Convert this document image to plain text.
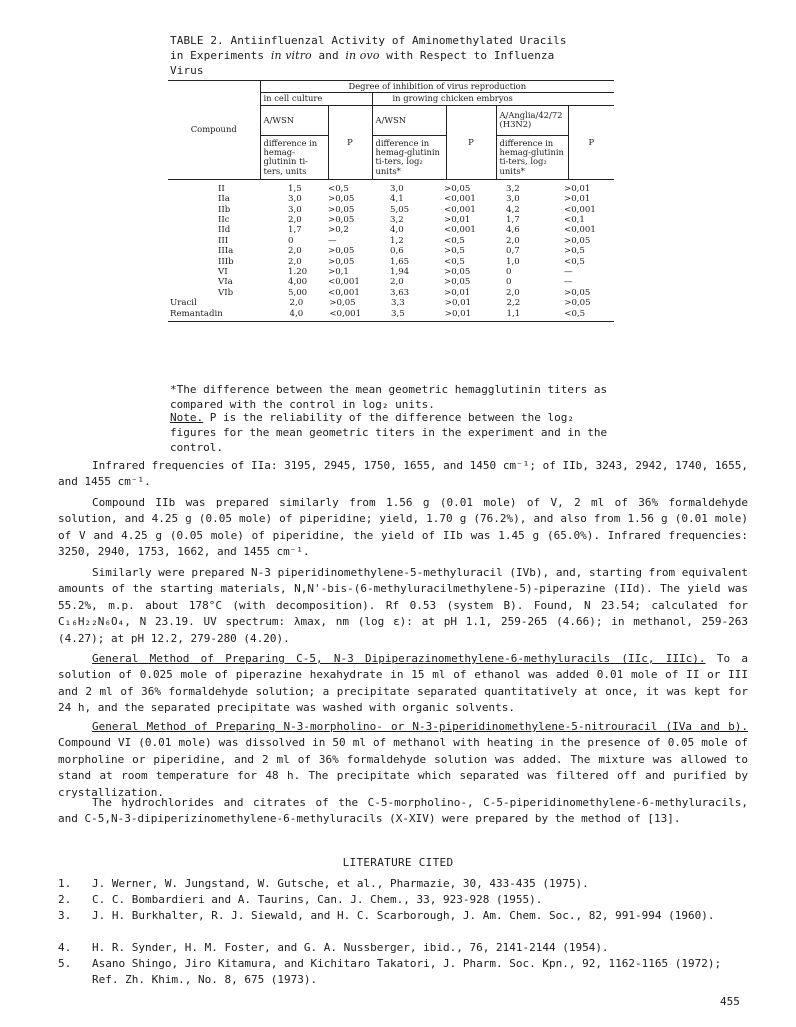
TABLE 2. Antiinfluenzal Activity of Aminomethylated Uracils
in Experiments in vitro and in ovo with Respect to Influenza
Virus
Compound	Degree of inhibition of virus reproduction					
	in cell culture		in growing chicken embryos			
	A/WSN	P	A/WSN	P	A/Anglia/42/72 (H3N2)	P
	difference in hemag-glutinin ti-ters, units		difference in hemag-glutinin ti-ters, log₂ units*		difference in hemag-glutinin ti-ters, log₂ units*	
II	1,5	<0,5	3,0	>0,05	3,2	>0,01
IIa	3,0	>0,05	4,1	<0,001	3,0	>0,01
IIb	3,0	>0,05	5,05	<0,001	4,2	<0,001
IIc	2,0	>0,05	3,2	>0,01	1,7	<0,1
IId	1,7	>0,2	4,0	<0,001	4,6	<0,001
III	0	—	1,2	<0,5	2,0	>0,05
IIIa	2,0	>0,05	0,6	>0,5	0,7	>0,5
IIIb	2,0	>0,05	1,65	<0,5	1,0	<0,5
VI	1.20	>0,1	1,94	>0,05	0	—
VIa	4,00	<0,001	2,0	>0,05	0	—
VIb	5,00	<0,001	3,63	>0,01	2,0	>0,05
Uracil	2,0	>0,05	3,3	>0,01	2,2	>0,05
Remantadin	4,0	<0,001	3,5	>0,01	1,1	<0,5
*The difference between the mean geometric hemagglutinin titers as compared with the control in log₂ units.
Note. P is the reliability of the difference between the log₂ figures for the mean geometric titers in the experiment and in the control.
Infrared frequencies of IIa: 3195, 2945, 1750, 1655, and 1450 cm⁻¹; of IIb, 3243, 2942, 1740, 1655, and 1455 cm⁻¹.
Compound IIb was prepared similarly from 1.56 g (0.01 mole) of V, 2 ml of 36% formaldehyde solution, and 4.25 g (0.05 mole) of piperidine; yield, 1.70 g (76.2%), and also from 1.56 g (0.01 mole) of V and 4.25 g (0.05 mole) of piperidine, the yield of IIb was 1.45 g (65.0%). Infrared frequencies: 3250, 2940, 1753, 1662, and 1455 cm⁻¹.
Similarly were prepared N-3 piperidinomethylene-5-methyluracil (IVb), and, starting from equivalent amounts of the starting materials, N,N'-bis-(6-methyluracilmethylene-5)-piperazine (IId). The yield was 55.2%, m.p. about 178°C (with decomposition). Rf 0.53 (system B). Found, N 23.54; calculated for C₁₆H₂₂N₆O₄, N 23.19. UV spectrum: λmax, nm (log ε): at pH 1.1, 259-265 (4.66); in methanol, 259-263 (4.27); at pH 12.2, 279-280 (4.20).
General Method of Preparing C-5, N-3 Dipiperazinomethylene-6-methyluracils (IIc, IIIc). To a solution of 0.025 mole of piperazine hexahydrate in 15 ml of ethanol was added 0.01 mole of II or III and 2 ml of 36% formaldehyde solution; a precipitate separated quantitatively at once, it was kept for 24 h, and the separated precipitate was washed with organic solvents.
General Method of Preparing N-3-morpholino- or N-3-piperidinomethylene-5-nitrouracil (IVa and b). Compound VI (0.01 mole) was dissolved in 50 ml of methanol with heating in the presence of 0.05 mole of morpholine or piperidine, and 2 ml of 36% formaldehyde solution was added. The mixture was allowed to stand at room temperature for 48 h. The precipitate which separated was filtered off and purified by crystallization.
The hydrochlorides and citrates of the C-5-morpholino-, C-5-piperidinomethylene-6-methyluracils, and C-5,N-3-dipiperizinomethylene-6-methyluracils (X-XIV) were prepared by the method of [13].
LITERATURE CITED
1. J. Werner, W. Jungstand, W. Gutsche, et al., Pharmazie, 30, 433-435 (1975).
2. C. C. Bombardieri and A. Taurins, Can. J. Chem., 33, 923-928 (1955).
3. J. H. Burkhalter, R. J. Siewald, and H. C. Scarborough, J. Am. Chem. Soc., 82, 991-994 (1960).
4. H. R. Synder, H. M. Foster, and G. A. Nussberger, ibid., 76, 2141-2144 (1954).
5. Asano Shingo, Jiro Kitamura, and Kichitaro Takatori, J. Pharm. Soc. Kpn., 92, 1162-1165 (1972); Ref. Zh. Khim., No. 8, 675 (1973).
455
